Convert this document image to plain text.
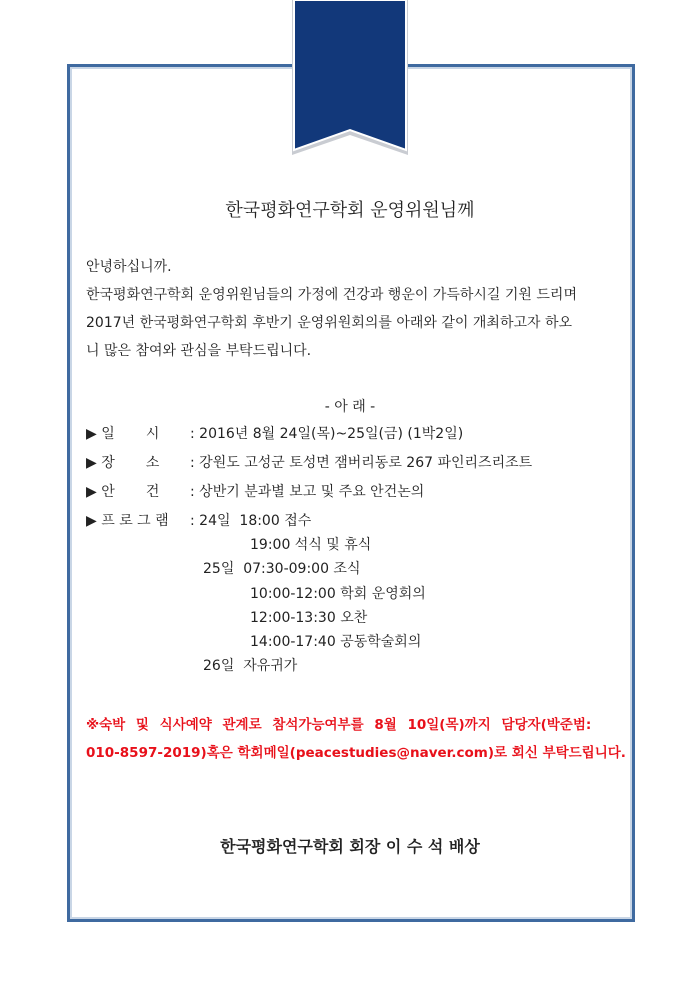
한국평화연구학회 운영위원님께
안녕하십니까.
한국평화연구학회 운영위원님들의 가정에 건강과 행운이 가득하시길 기원 드리며
2017년 한국평화연구학회 후반기 운영위원회의를 아래와 같이 개최하고자 하오
니 많은 참여와 관심을 부탁드립니다.
- 아 래 -
▶ 일       시 : 2016년 8월 24일(목)~25일(금) (1박2일)
▶ 장       소 : 강원도 고성군 토성면 잼버리동로 267 파인리즈리조트
▶ 안       건 : 상반기 분과별 보고 및 주요 안건논의
▶ 프 로 그 램 : 24일  18:00 접수
19:00 석식 및 휴식
25일  07:30-09:00 조식
10:00-12:00 학회 운영회의
12:00-13:30 오찬
14:00-17:40 공동학술회의
26일  자유귀가
※숙박 및 식사예약 관계로 참석가능여부를 8월 10일(목)까지 담당자(박준범:
010-8597-2019)혹은 학회메일(peacestudies@naver.com)로 회신 부탁드립니다.
한국평화연구학회 회장 이 수 석 배상
